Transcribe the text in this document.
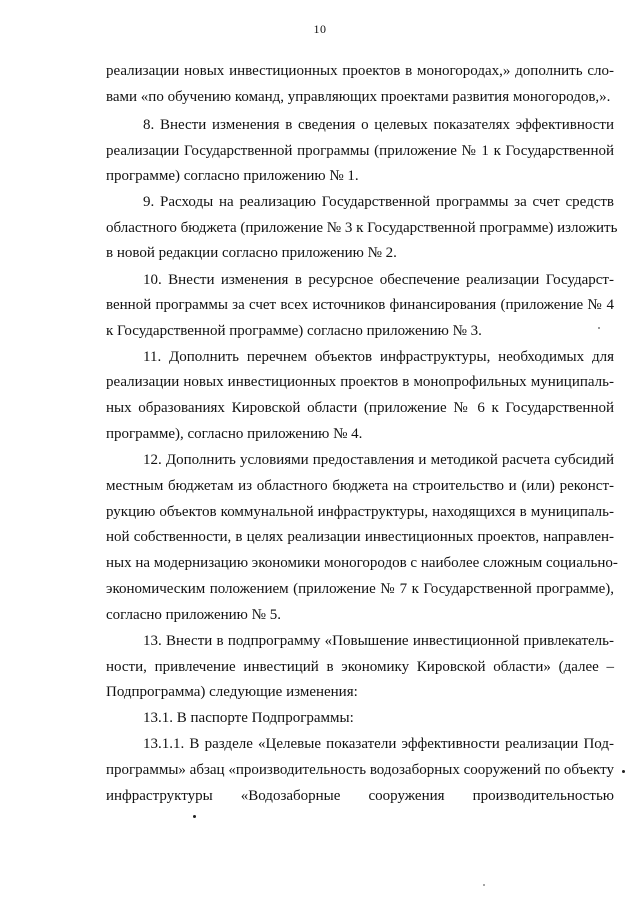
10
реализации новых инвестиционных проектов в моногородах,» дополнить сло-
вами «по обучению команд, управляющих проектами развития моногородов,».
8. Внести изменения в сведения о целевых показателях эффективности
реализации Государственной программы (приложение № 1 к Государственной
программе) согласно приложению № 1.
9. Расходы на реализацию Государственной программы за счет средств
областного бюджета (приложение № 3 к Государственной программе) изложить
в новой редакции согласно приложению № 2.
10. Внести изменения в ресурсное обеспечение реализации Государст-
венной программы за счет всех источников финансирования (приложение № 4
к Государственной программе) согласно приложению № 3.
11. Дополнить перечнем объектов инфраструктуры, необходимых для
реализации новых инвестиционных проектов в монопрофильных муниципаль-
ных образованиях Кировской области (приложение № 6 к Государственной
программе), согласно приложению № 4.
12. Дополнить условиями предоставления и методикой расчета субсидий
местным бюджетам из областного бюджета на строительство и (или) реконст-
рукцию объектов коммунальной инфраструктуры, находящихся в муниципаль-
ной собственности, в целях реализации инвестиционных проектов, направлен-
ных на модернизацию экономики моногородов с наиболее сложным социально-
экономическим положением (приложение № 7 к Государственной программе),
согласно приложению № 5.
13. Внести в подпрограмму «Повышение инвестиционной привлекатель-
ности, привлечение инвестиций в экономику Кировской области» (далее –
Подпрограмма) следующие изменения:
13.1. В паспорте Подпрограммы:
13.1.1. В разделе «Целевые показатели эффективности реализации Под-
программы» абзац «производительность водозаборных сооружений по объекту
инфраструктуры «Водозаборные сооружения производительностью
